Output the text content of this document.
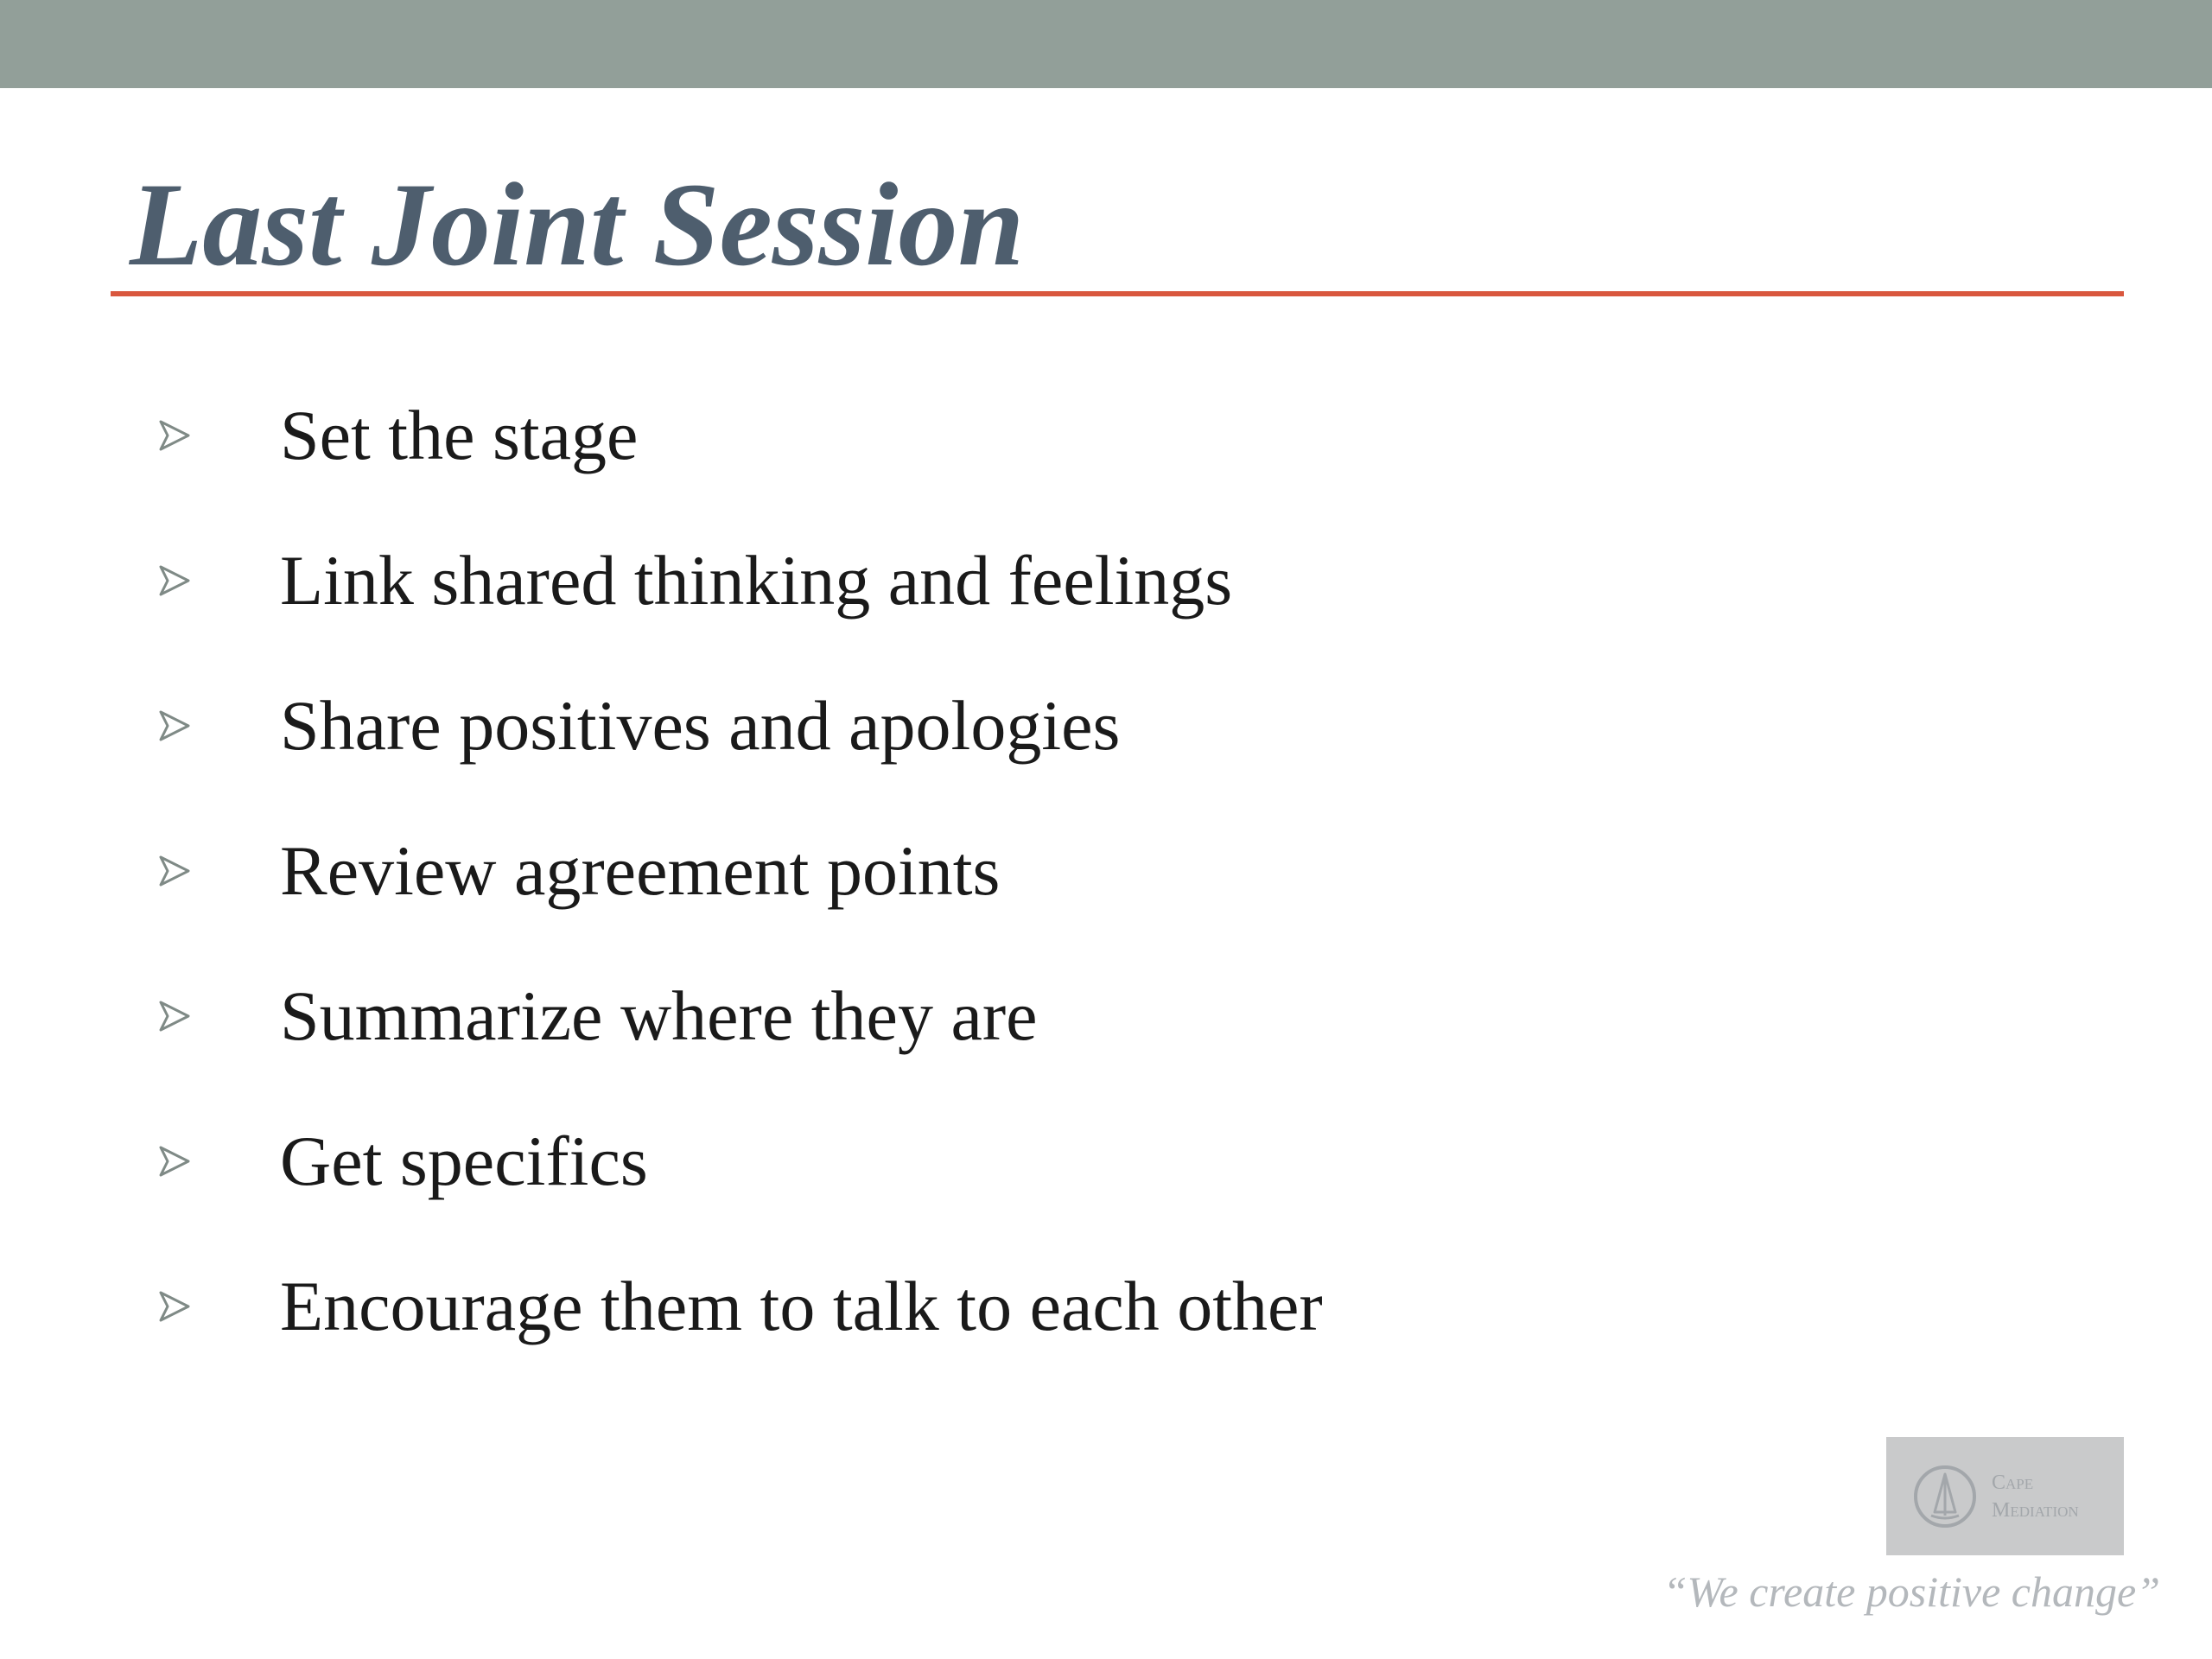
Last Joint Session
Set the stage
Link shared thinking and feelings
Share positives and apologies
Review agreement points
Summarize where they are
Get specifics
Encourage them to talk to each other
Cape
Mediation

“We create positive change”
